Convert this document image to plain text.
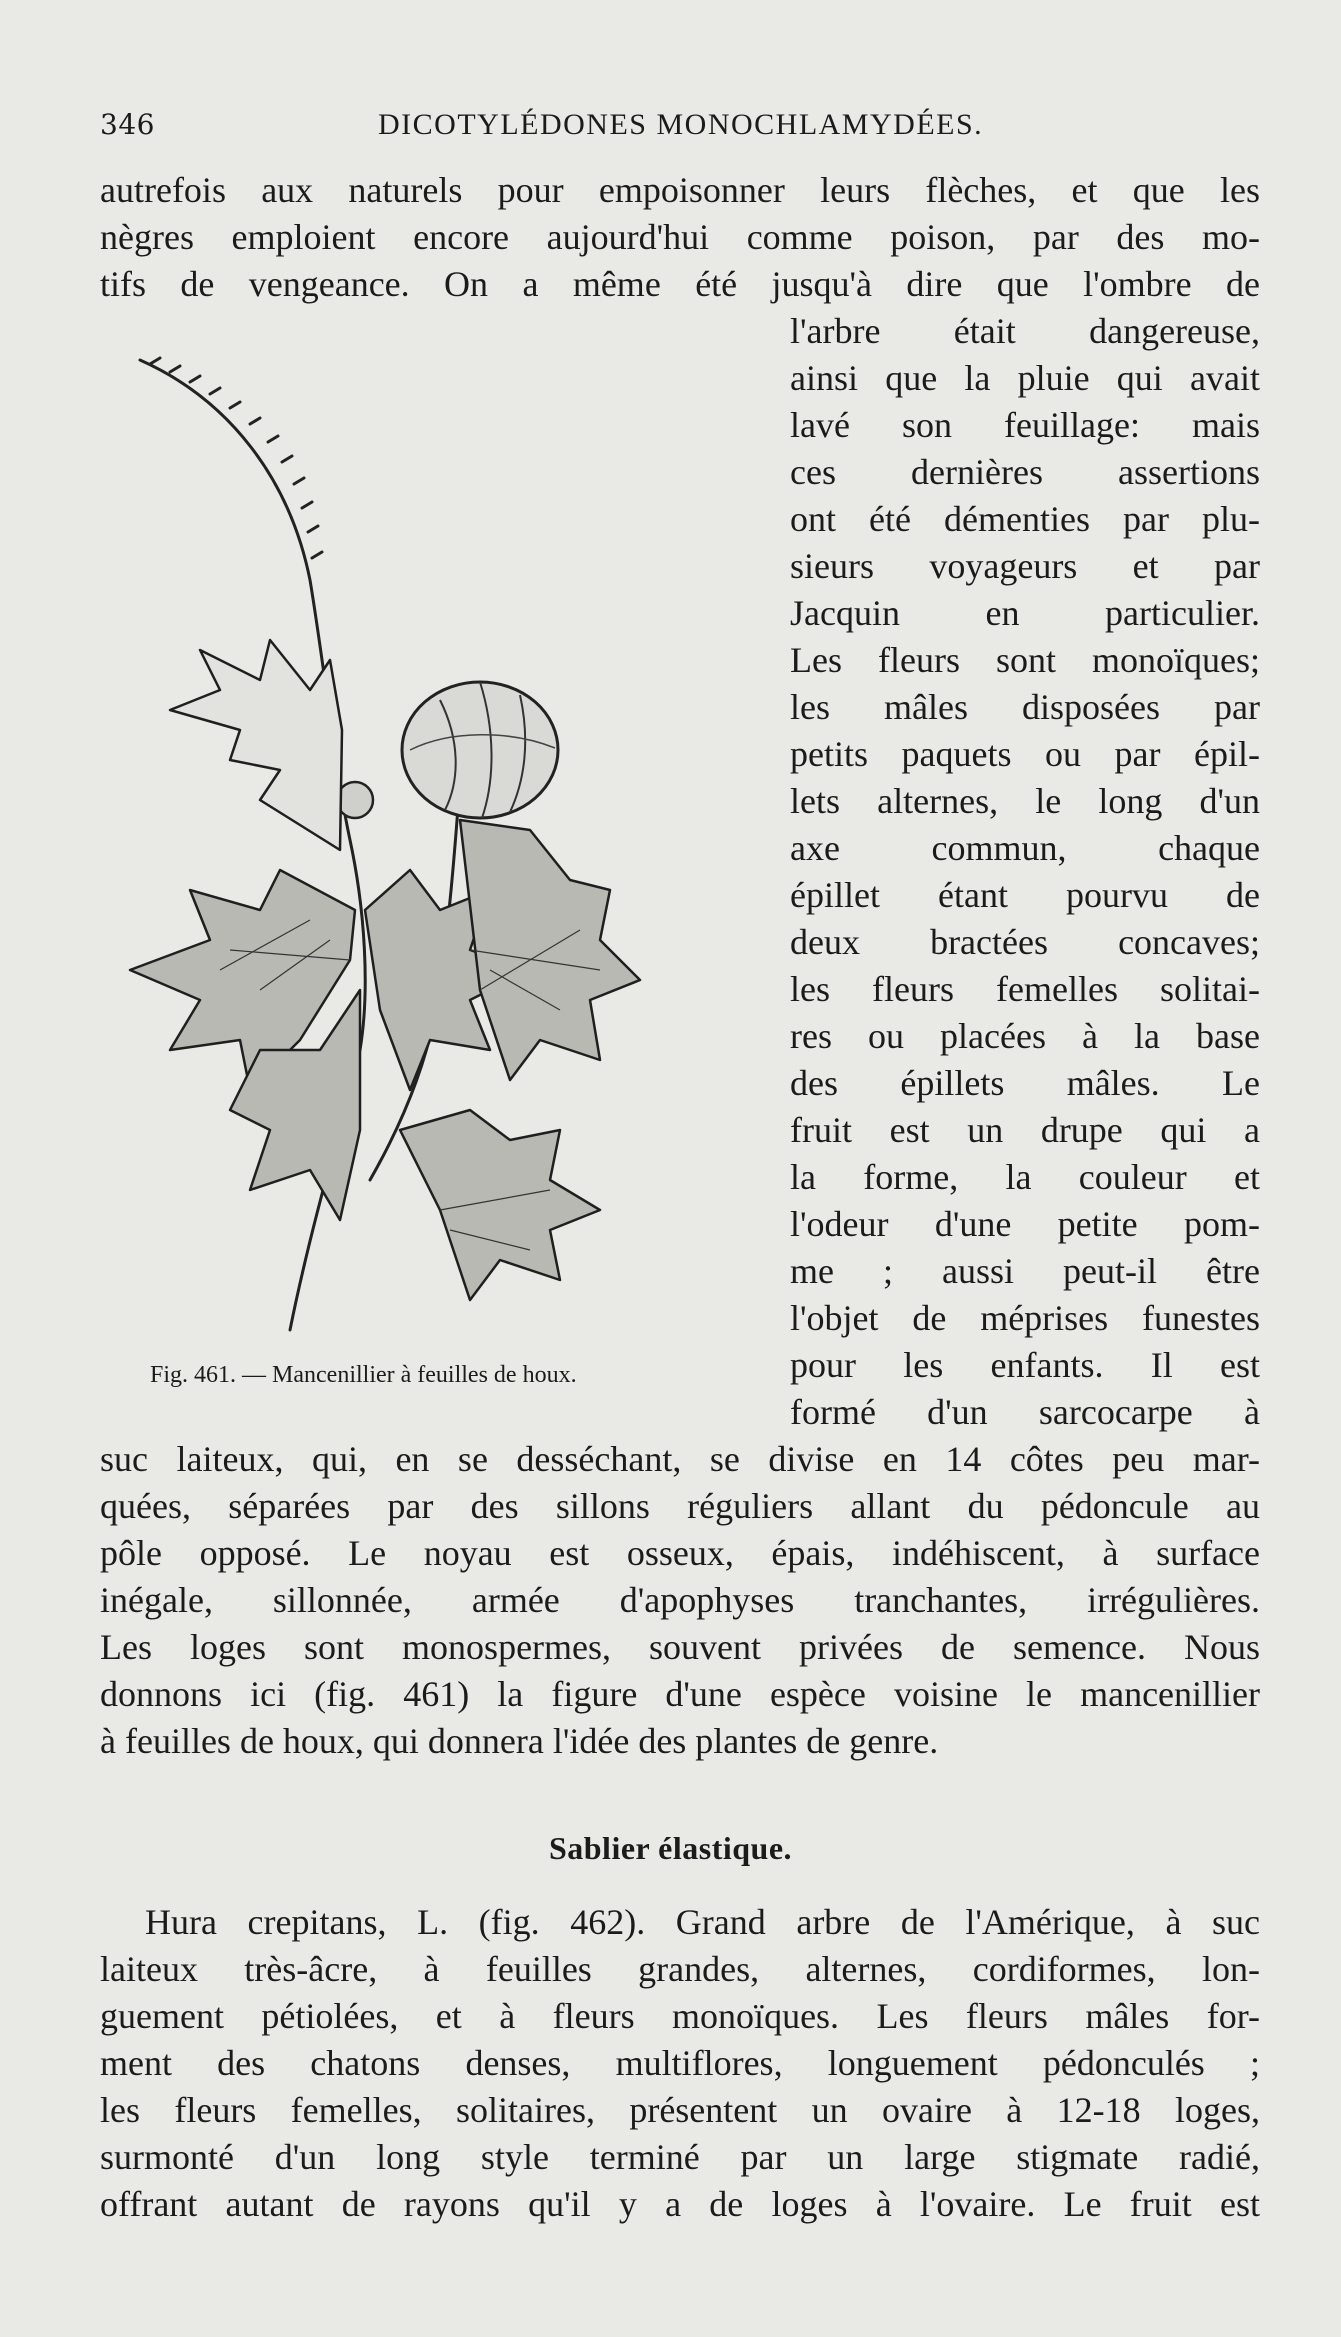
346	DICOTYLÉDONES MONOCHLAMYDÉES.
autrefois aux naturels pour empoisonner leurs flèches, et que les
nègres emploient encore aujourd'hui comme poison, par des mo-
tifs de vengeance. On a même été jusqu'à dire que l'ombre de
l'arbre était dangereuse,
ainsi que la pluie qui avait
lavé son feuillage: mais
ces dernières assertions
ont été démenties par plu-
sieurs voyageurs et par
Jacquin en particulier.
Les fleurs sont monoïques;
les mâles disposées par
petits paquets ou par épil-
lets alternes, le long d'un
axe commun, chaque
épillet étant pourvu de
deux bractées concaves;
les fleurs femelles solitai-
res ou placées à la base
des épillets mâles. Le
fruit est un drupe qui a
la forme, la couleur et
l'odeur d'une petite pom-
me ; aussi peut-il être
l'objet de méprises funestes
pour les enfants. Il est
formé d'un sarcocarpe à
suc laiteux, qui, en se desséchant, se divise en 14 côtes peu mar-
quées, séparées par des sillons réguliers allant du pédoncule au
pôle opposé. Le noyau est osseux, épais, indéhiscent, à surface
inégale, sillonnée, armée d'apophyses tranchantes, irrégulières.
Les loges sont monospermes, souvent privées de semence. Nous
donnons ici (fig. 461) la figure d'une espèce voisine le mancenillier
à feuilles de houx, qui donnera l'idée des plantes de genre.
Hura crepitans, L. (fig. 462). Grand arbre de l'Amérique, à suc
laiteux très-âcre, à feuilles grandes, alternes, cordiformes, lon-
guement pétiolées, et à fleurs monoïques. Les fleurs mâles for-
ment des chatons denses, multiflores, longuement pédonculés ;
les fleurs femelles, solitaires, présentent un ovaire à 12-18 loges,
surmonté d'un long style terminé par un large stigmate radié,
offrant autant de rayons qu'il y a de loges à l'ovaire. Le fruit est
Fig. 461. — Mancenillier à feuilles de houx.
Sablier élastique.
